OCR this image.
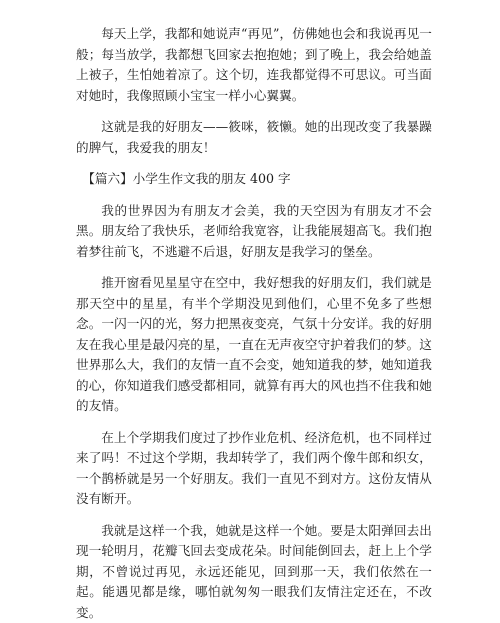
每天上学，我都和她说声“再见”，仿佛她也会和我说再见一般；每当放学，我都想飞回家去抱抱她；到了晚上，我会给她盖上被子，生怕她着凉了。这个切，连我都觉得不可思议。可当面对她时，我像照顾小宝宝一样小心翼翼。

这就是我的好朋友——筱咪，筱懒。她的出现改变了我暴躁的脾气，我爱我的朋友！

【篇六】小学生作文我的朋友 400 字

我的世界因为有朋友才会美，我的天空因为有朋友才不会黑。朋友给了我快乐，老师给我宽容，让我能展翅高飞。我们抱着梦往前飞，不逃避不后退，好朋友是我学习的堡垒。

推开窗看见星星守在空中，我好想我的好朋友们，我们就是那天空中的星星，有半个学期没见到他们，心里不免多了些想念。一闪一闪的光，努力把黑夜变亮，气氛十分安详。我的好朋友在我心里是最闪亮的星，一直在无声夜空守护着我们的梦。这世界那么大，我们的友情一直不会变，她知道我的梦，她知道我的心，你知道我们感受都相同，就算有再大的风也挡不住我和她的友情。

在上个学期我们度过了抄作业危机、经济危机，也不同样过来了吗！不过这个学期，我却转学了，我们两个像牛郎和织女，一个鹊桥就是另一个好朋友。我们一直见不到对方。这份友情从没有断开。

我就是这样一个我，她就是这样一个她。要是太阳弹回去出现一轮明月，花瓣飞回去变成花朵。时间能倒回去，赶上上个学期，不曾说过再见，永远还能见，回到那一天，我们依然在一起。能遇见都是缘，哪怕就匆匆一眼我们友情注定还在，不改变。
